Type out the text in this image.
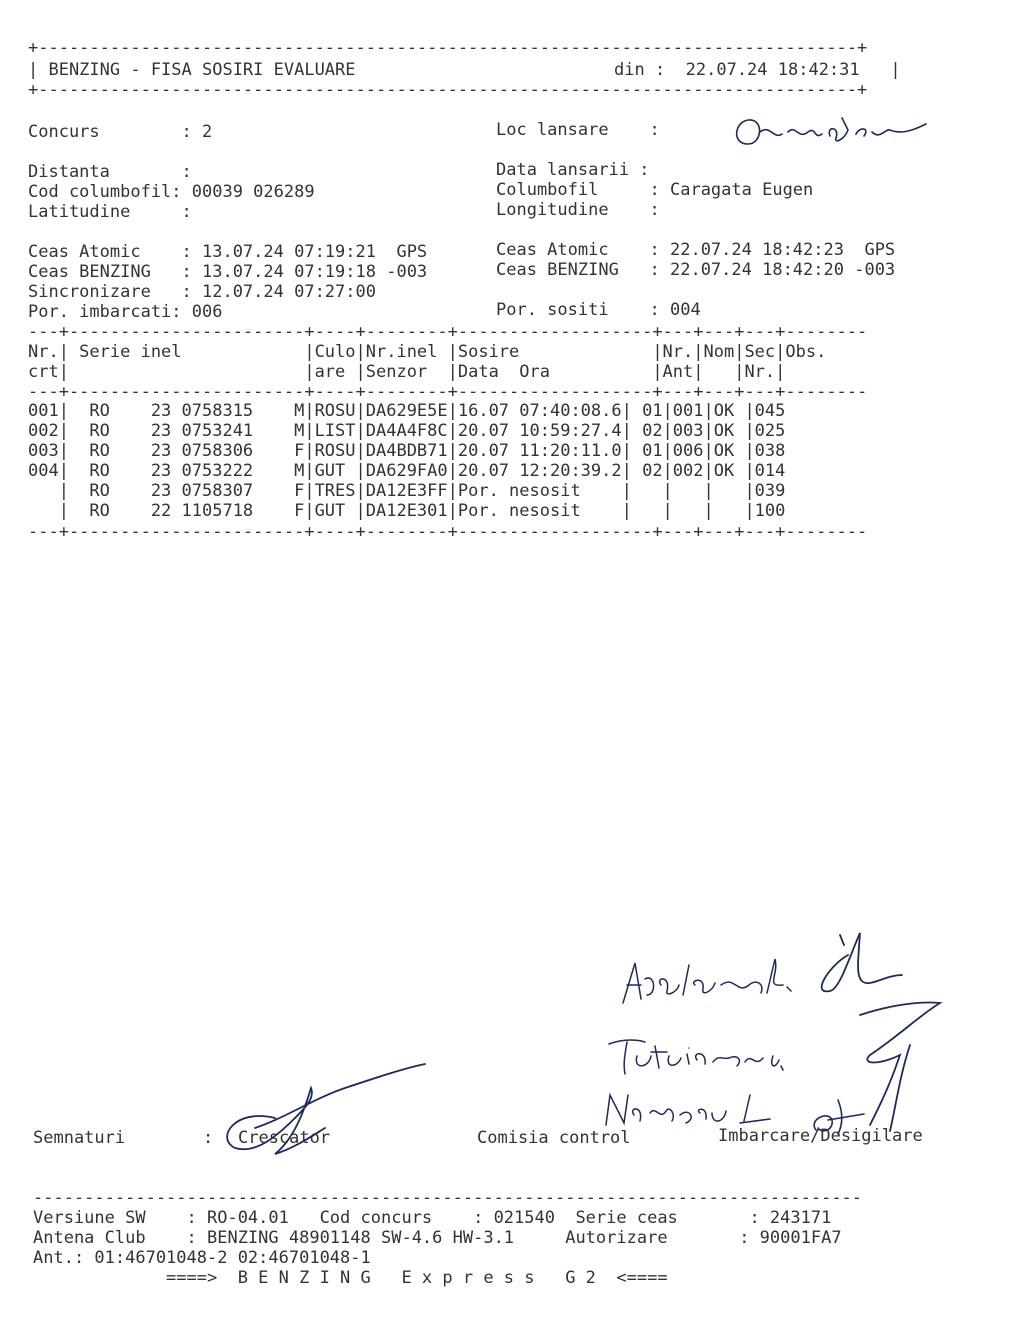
+--------------------------------------------------------------------------------+
| BENZING - FISA SOSIRI EVALUARE	din :  22.07.24 18:42:31   |
+--------------------------------------------------------------------------------+
Concurs        : 2	Loc lansare    :
Distanta       :	Data lansarii :
Cod columbofil: 00039 026289	Columbofil     : Caragata Eugen
Latitudine     :	Longitudine    :
Ceas Atomic    : 13.07.24 07:19:21  GPS	Ceas Atomic    : 22.07.24 18:42:23  GPS
Ceas BENZING   : 13.07.24 07:19:18 -003	Ceas BENZING   : 22.07.24 18:42:20 -003
Sincronizare   : 12.07.24 07:27:00
Por. imbarcati: 006	Por. sositi    : 004
---+-----------------------+----+--------+-------------------+---+---+---+--------
Nr.| Serie inel            |Culo|Nr.inel |Sosire             |Nr.|Nom|Sec|Obs.
crt|                       |are |Senzor  |Data  Ora          |Ant|   |Nr.|
---+-----------------------+----+--------+-------------------+---+---+---+--------
001|  RO    23 0758315    M|ROSU|DA629E5E|16.07 07:40:08.6| 01|001|OK |045
002|  RO    23 0753241    M|LIST|DA4A4F8C|20.07 10:59:27.4| 02|003|OK |025
003|  RO    23 0758306    F|ROSU|DA4BDB71|20.07 11:20:11.0| 01|006|OK |038
004|  RO    23 0753222    M|GUT |DA629FA0|20.07 12:20:39.2| 02|002|OK |014
|  RO    23 0758307    F|TRES|DA12E3FF|Por. nesosit    |   |   |   |039
|  RO    22 1105718    F|GUT |DA12E301|Por. nesosit    |   |   |   |100
---+-----------------------+----+--------+-------------------+---+---+---+--------
Semnaturi	: Crescator	Comisia control	Imbarcare/Desigilare
---------------------------------------------------------------------------------
Versiune SW    : RO-04.01   Cod concurs    : 021540  Serie ceas       : 243171
Antena Club    : BENZING 48901148 SW-4.6 HW-3.1     Autorizare       : 90001FA7
Ant.: 01:46701048-2 02:46701048-1
====>  B E N Z I N G   E x p r e s s   G 2  <====
